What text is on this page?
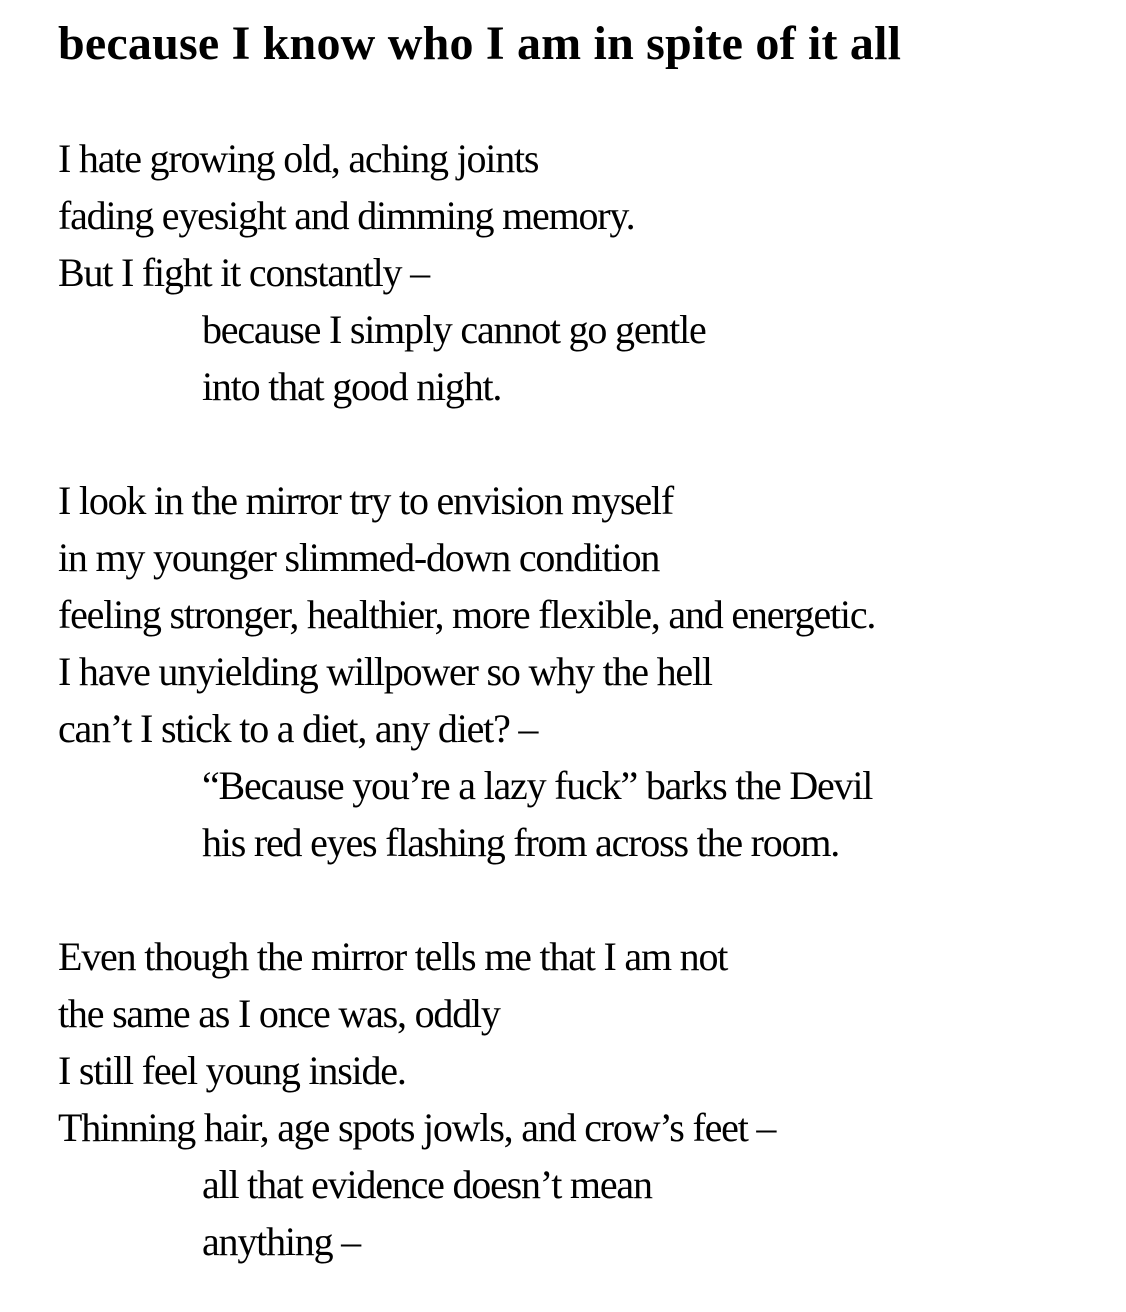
because I know who I am in spite of it all
I hate growing old, aching joints
fading eyesight and dimming memory.
But I fight it constantly –
because I simply cannot go gentle
into that good night.
I look in the mirror try to envision myself
in my younger slimmed-down condition
feeling stronger, healthier, more flexible, and energetic.
I have unyielding willpower so why the hell
can’t I stick to a diet, any diet? –
“Because you’re a lazy fuck” barks the Devil
his red eyes flashing from across the room.
Even though the mirror tells me that I am not
the same as I once was, oddly
I still feel young inside.
Thinning hair, age spots jowls, and crow’s feet –
all that evidence doesn’t mean
anything –
